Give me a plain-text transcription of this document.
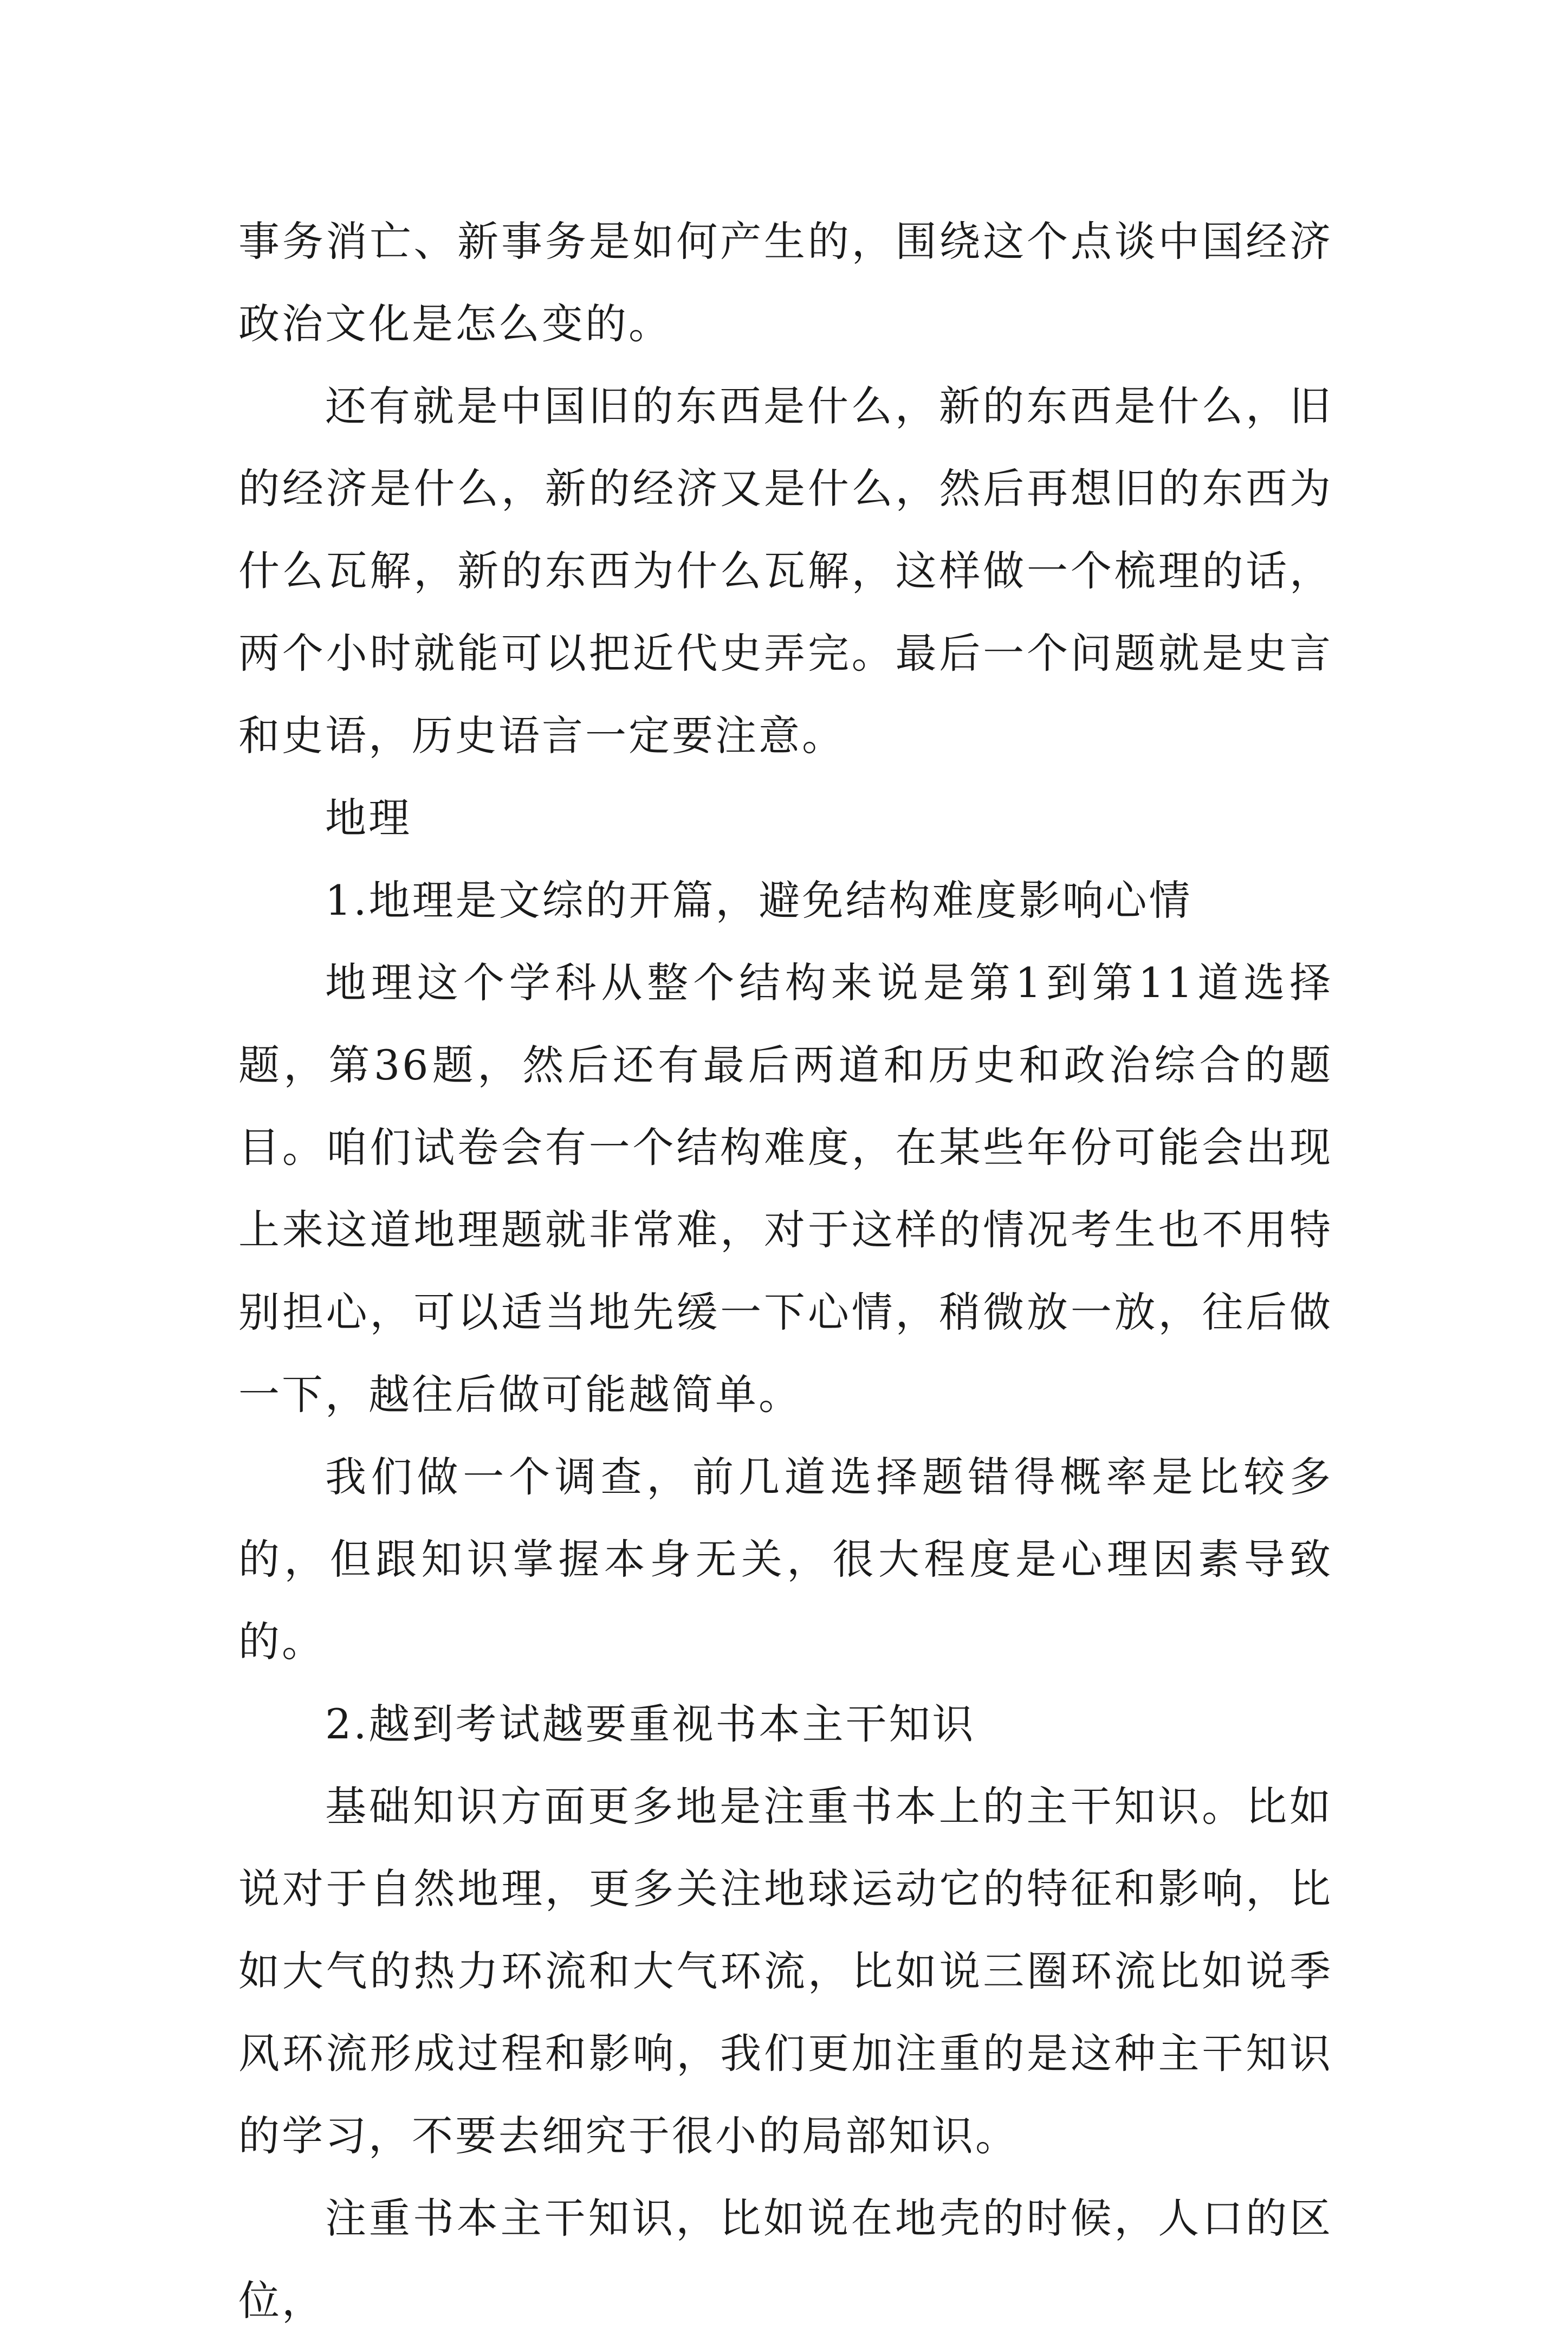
事务消亡、新事务是如何产生的，围绕这个点谈中国经济政治文化是怎么变的。

还有就是中国旧的东西是什么，新的东西是什么，旧的经济是什么，新的经济又是什么，然后再想旧的东西为什么瓦解，新的东西为什么瓦解，这样做一个梳理的话，两个小时就能可以把近代史弄完。最后一个问题就是史言和史语，历史语言一定要注意。

地理

1.地理是文综的开篇，避免结构难度影响心情

地理这个学科从整个结构来说是第1到第11道选择题，第36题，然后还有最后两道和历史和政治综合的题目。咱们试卷会有一个结构难度，在某些年份可能会出现上来这道地理题就非常难，对于这样的情况考生也不用特别担心，可以适当地先缓一下心情，稍微放一放，往后做一下，越往后做可能越简单。

我们做一个调查，前几道选择题错得概率是比较多的，但跟知识掌握本身无关，很大程度是心理因素导致的。

2.越到考试越要重视书本主干知识

基础知识方面更多地是注重书本上的主干知识。比如说对于自然地理，更多关注地球运动它的特征和影响，比如大气的热力环流和大气环流，比如说三圈环流比如说季风环流形成过程和影响，我们更加注重的是这种主干知识的学习，不要去细究于很小的局部知识。

注重书本主干知识，比如说在地壳的时候，人口的区位，
